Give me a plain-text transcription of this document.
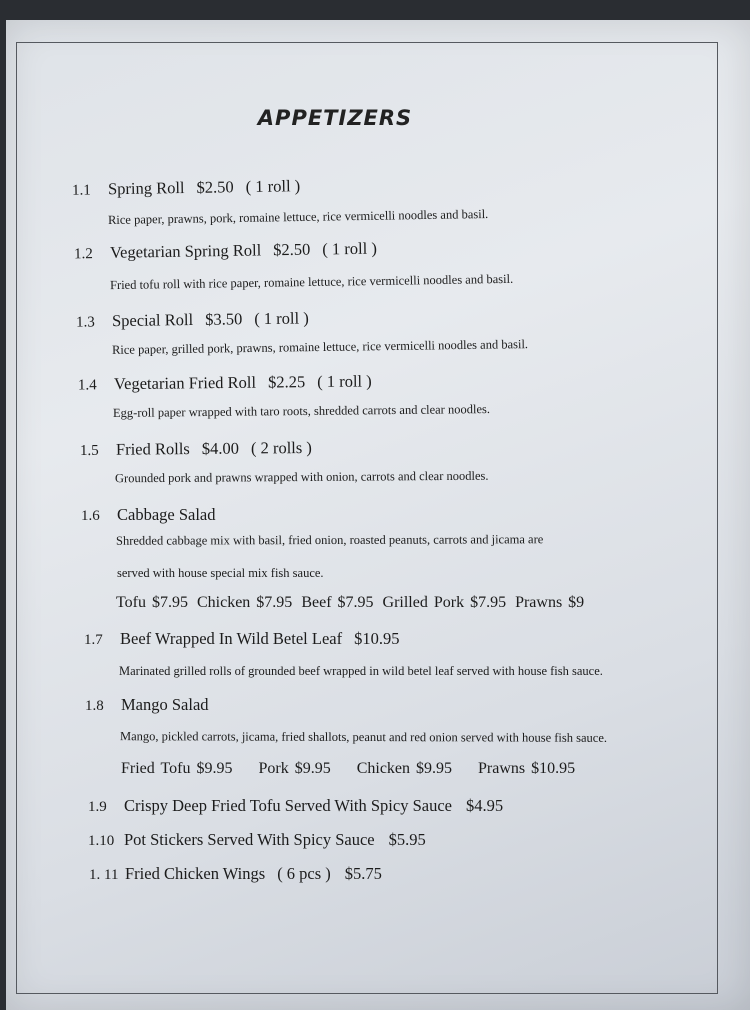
APPETIZERS
1.1 Spring Roll $2.50 ( 1 roll )
Rice paper, prawns, pork, romaine lettuce, rice vermicelli noodles and basil.
1.2 Vegetarian Spring Roll $2.50 ( 1 roll )
Fried tofu roll with rice paper, romaine lettuce, rice vermicelli noodles and basil.
1.3 Special Roll $3.50 ( 1 roll )
Rice paper, grilled pork, prawns, romaine lettuce, rice vermicelli noodles and basil.
1.4 Vegetarian Fried Roll $2.25 ( 1 roll )
Egg-roll paper wrapped with taro roots, shredded carrots and clear noodles.
1.5 Fried Rolls $4.00 ( 2 rolls )
Grounded pork and prawns wrapped with onion, carrots and clear noodles.
1.6 Cabbage Salad
Shredded cabbage mix with basil, fried onion, roasted peanuts, carrots and jicama are
served with house special mix fish sauce.
Tofu $7.95 Chicken $7.95 Beef $7.95 Grilled Pork $7.95 Prawns $9
1.7 Beef Wrapped In Wild Betel Leaf $10.95
Marinated grilled rolls of grounded beef wrapped in wild betel leaf served with house fish sauce.
1.8 Mango Salad
Mango, pickled carrots, jicama, fried shallots, peanut and red onion served with house fish sauce.
Fried Tofu $9.95 Pork $9.95 Chicken $9.95 Prawns $10.95
1.9 Crispy Deep Fried Tofu Served With Spicy Sauce $4.95
1.10 Pot Stickers Served With Spicy Sauce $5.95
1. 11 Fried Chicken Wings ( 6 pcs ) $5.75
